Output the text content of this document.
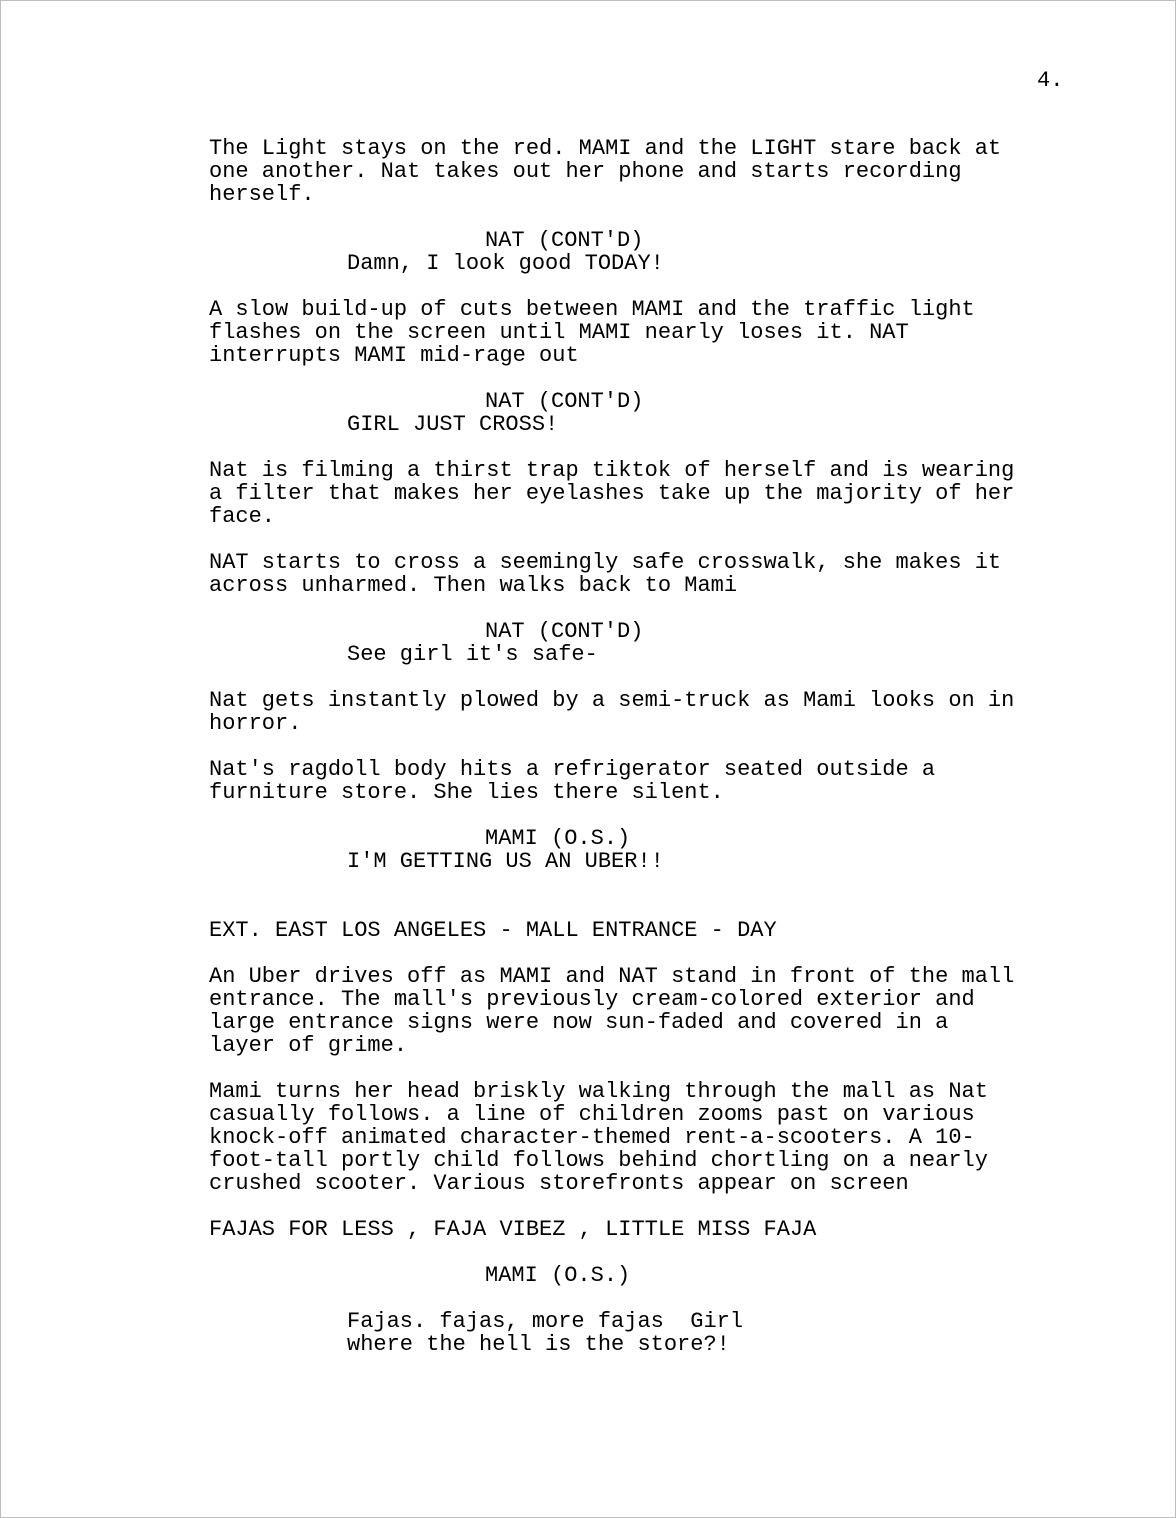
4.

The Light stays on the red. MAMI and the LIGHT stare back at
one another. Nat takes out her phone and starts recording
herself.

NAT (CONT'D)

Damn, I look good TODAY!

A slow build-up of cuts between MAMI and the traffic light
flashes on the screen until MAMI nearly loses it. NAT
interrupts MAMI mid-rage out

NAT (CONT'D)

GIRL JUST CROSS!

Nat is filming a thirst trap tiktok of herself and is wearing
a filter that makes her eyelashes take up the majority of her
face.

NAT starts to cross a seemingly safe crosswalk, she makes it
across unharmed. Then walks back to Mami

NAT (CONT'D)

See girl it's safe-

Nat gets instantly plowed by a semi-truck as Mami looks on in
horror.

Nat's ragdoll body hits a refrigerator seated outside a
furniture store. She lies there silent.

MAMI (O.S.)

I'M GETTING US AN UBER!!

EXT. EAST LOS ANGELES - MALL ENTRANCE - DAY

An Uber drives off as MAMI and NAT stand in front of the mall
entrance. The mall's previously cream-colored exterior and
large entrance signs were now sun-faded and covered in a
layer of grime.

Mami turns her head briskly walking through the mall as Nat
casually follows. a line of children zooms past on various
knock-off animated character-themed rent-a-scooters. A 10-
foot-tall portly child follows behind chortling on a nearly
crushed scooter. Various storefronts appear on screen

FAJAS FOR LESS , FAJA VIBEZ , LITTLE MISS FAJA

MAMI (O.S.)

Fajas. fajas, more fajas  Girl
where the hell is the store?!
